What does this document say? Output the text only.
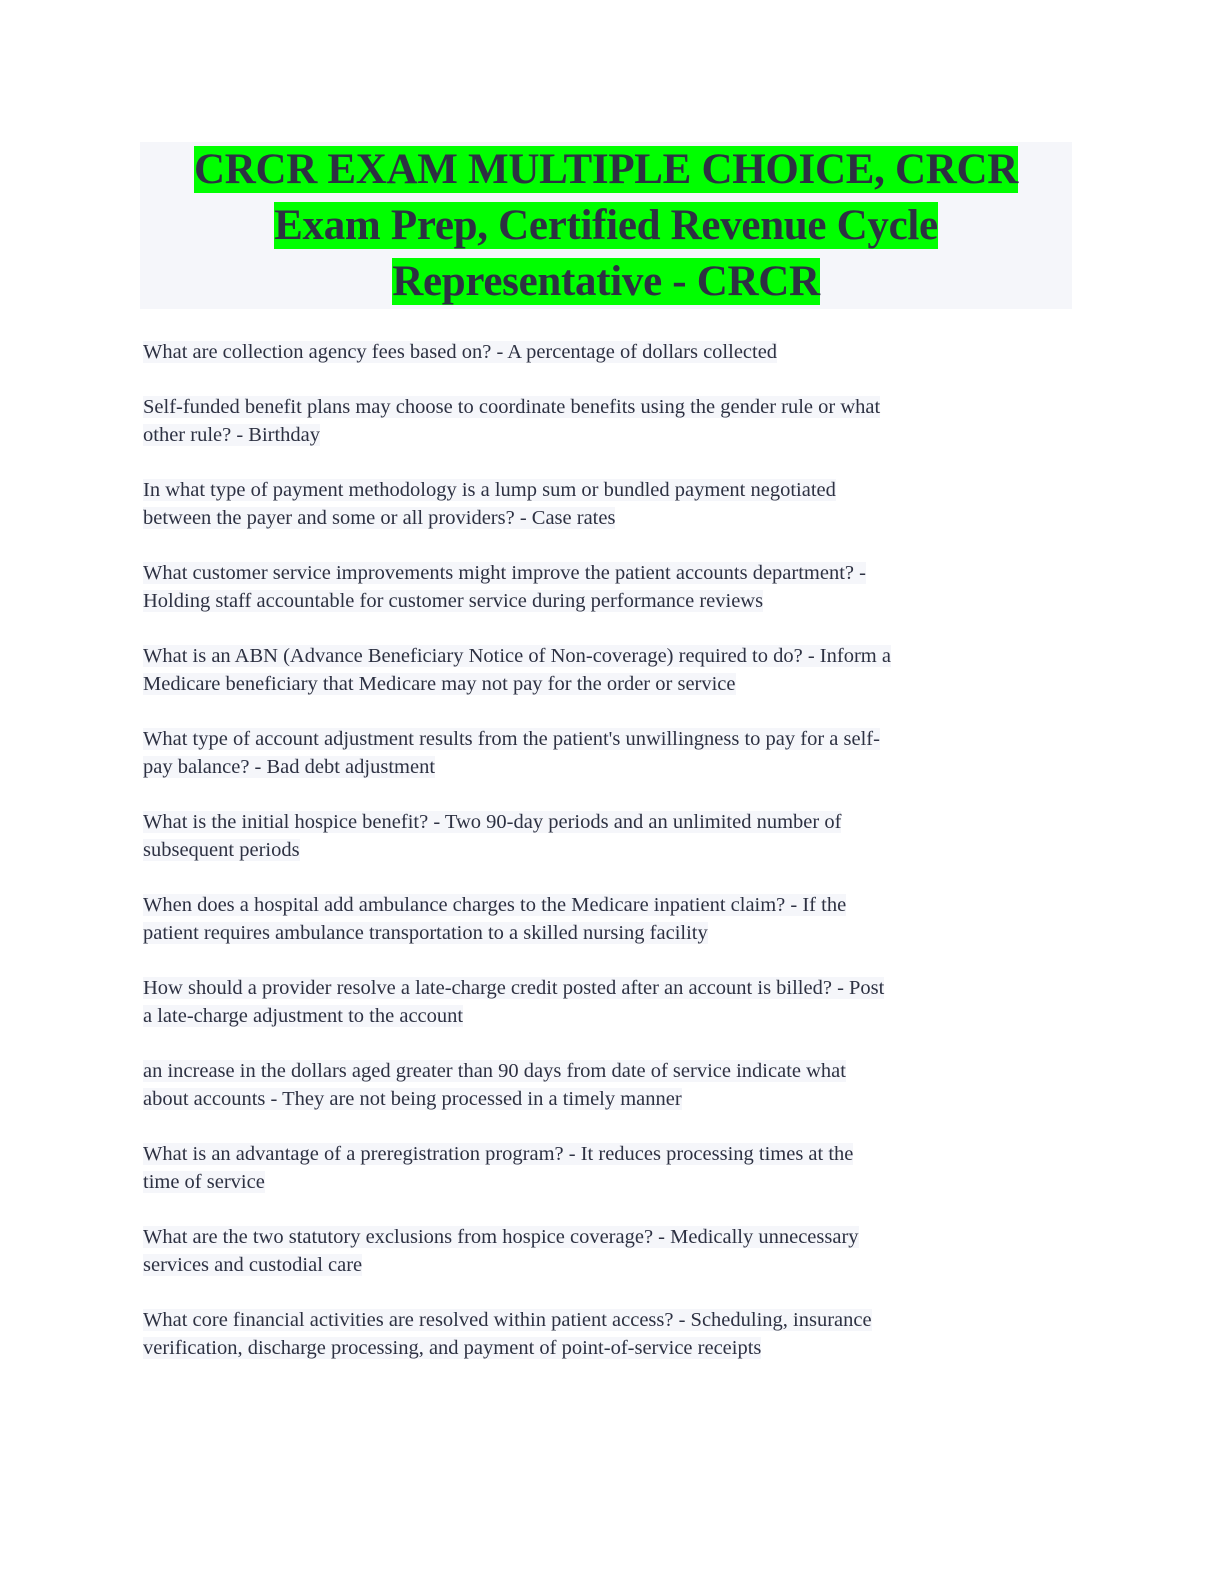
CRCR EXAM MULTIPLE CHOICE, CRCR
Exam Prep, Certified Revenue Cycle
Representative - CRCR

What are collection agency fees based on? - A percentage of dollars collected

Self-funded benefit plans may choose to coordinate benefits using the gender rule or what
other rule? - Birthday

In what type of payment methodology is a lump sum or bundled payment negotiated
between the payer and some or all providers? - Case rates

What customer service improvements might improve the patient accounts department? -
Holding staff accountable for customer service during performance reviews

What is an ABN (Advance Beneficiary Notice of Non-coverage) required to do? - Inform a
Medicare beneficiary that Medicare may not pay for the order or service

What type of account adjustment results from the patient's unwillingness to pay for a self-
pay balance? - Bad debt adjustment

What is the initial hospice benefit? - Two 90-day periods and an unlimited number of
subsequent periods

When does a hospital add ambulance charges to the Medicare inpatient claim? - If the
patient requires ambulance transportation to a skilled nursing facility

How should a provider resolve a late-charge credit posted after an account is billed? - Post
a late-charge adjustment to the account

an increase in the dollars aged greater than 90 days from date of service indicate what
about accounts - They are not being processed in a timely manner

What is an advantage of a preregistration program? - It reduces processing times at the
time of service

What are the two statutory exclusions from hospice coverage? - Medically unnecessary
services and custodial care

What core financial activities are resolved within patient access? - Scheduling, insurance
verification, discharge processing, and payment of point-of-service receipts
